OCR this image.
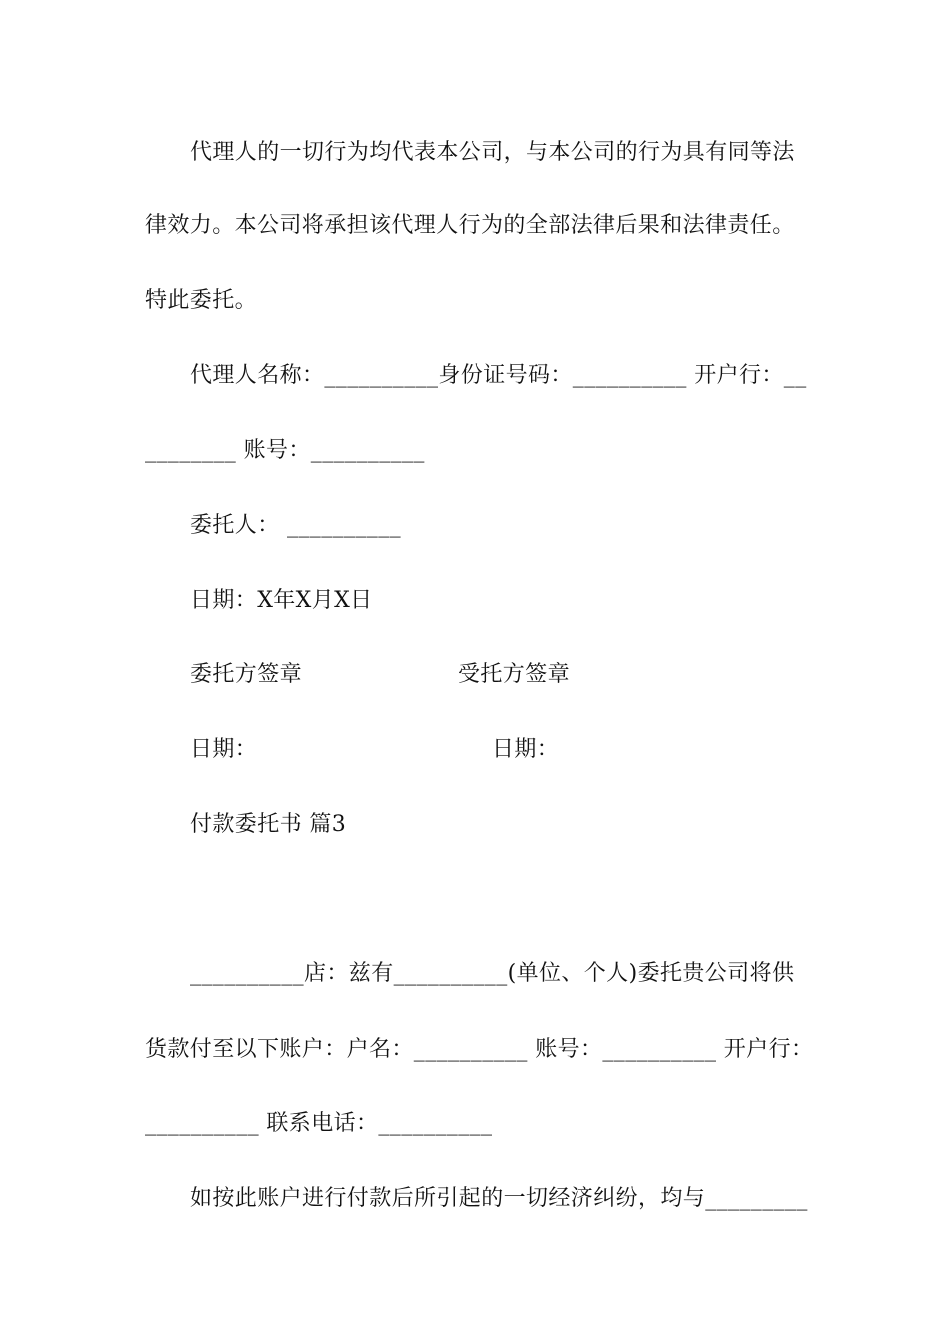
代理人的一切行为均代表本公司，与本公司的行为具有同等法
律效力。本公司将承担该代理人行为的全部法律后果和法律责任。
特此委托。
代理人名称：__________身份证号码：__________ 开户行：__
________ 账号：__________
委托人： __________
日期：X年X月X日
委托方签章	受托方签章
日期：	日期：
付款委托书 篇3
__________店：兹有__________(单位、个人)委托贵公司将供
货款付至以下账户：户名：__________ 账号：__________ 开户行：
__________ 联系电话：__________
如按此账户进行付款后所引起的一切经济纠纷，均与_________
